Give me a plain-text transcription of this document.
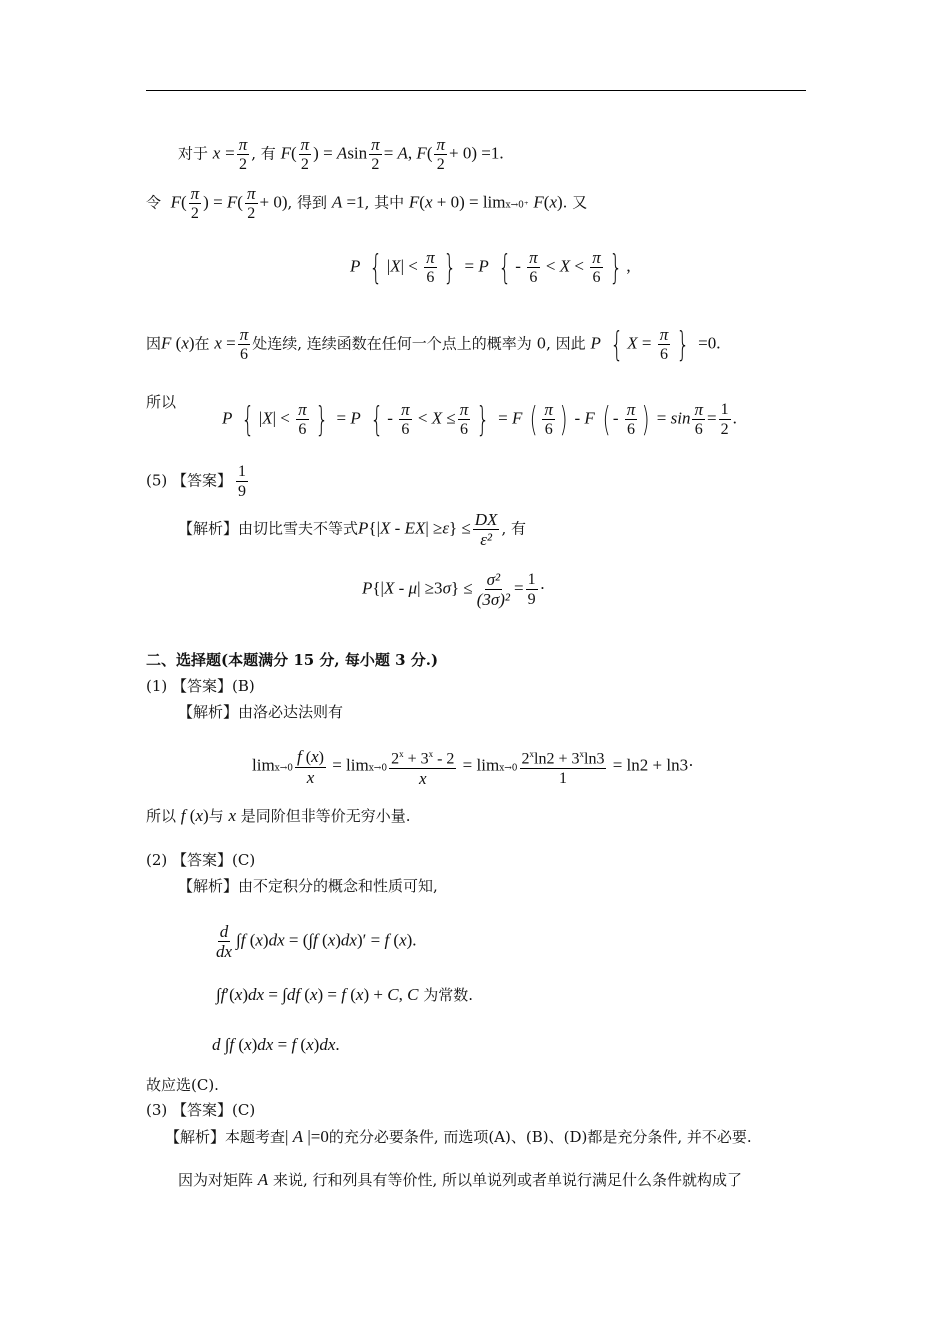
对于 $x = \frac{\pi}{2}$ , 有 $F( \frac{\pi}{2}$ ) = Asin $\frac{\pi}{2} = A$, $F( \frac{\pi}{2} + 0) =1$.
令 $F( \frac{\pi}{2}$ ) = $F( \frac{\pi}{2} + 0)$, 得到 A =1, 其中 F(x + 0) = limx→0⁺ F(x). 又
P { $|X| < \frac{\pi}{6}$ } = P { - $\frac{\pi}{6} < X < \frac{\pi}{6}$ } ,
因F (x)在 $x = \frac{\pi}{6}$ 处连续, 连续函数在任何一个点上的概率为 0, 因此 P { $X = \frac{\pi}{6}$ } =0.
所以
P { $|X| < \frac{\pi}{6}$ } = P { - $\frac{\pi}{6} < X \le \frac{\pi}{6}$ } = F ( $\frac{\pi}{6}$ ) - F ( - $\frac{\pi}{6}$ ) = $\sin \frac{\pi}{6} = \frac{1}{2}$ .
(5) 【答案】 $\frac{1}{9}$
【解析】由切比雪夫不等式$P\{|X - EX| \ge\varepsilon\} \le \frac{DX}{\text{ε²}}$ , 有
$P\{|X - \mu| \ge 3\sigma\} \le \frac{\text{σ²}}{\text{(3σ)²}} = \frac{1}{9}$ ·
二、选择题(本题满分 15 分, 每小题 3 分.)
(1) 【答案】(B)
【解析】由洛必达法则有
$\lim x\to 0 \frac{f (x)}{x} = \lim x\to 0 \frac{2^x + 3^x - 2}{x} = \lim x\to 0 \frac{2^x\ln 2 + 3^x\ln 3}{1} = \ln 2 + \ln 3\cdot$
所以 f (x)与 x 是同阶但非等价无穷小量.
(2) 【答案】(C)
【解析】由不定积分的概念和性质可知,
$\frac{d}{dx} \int f$ (x)dx = (∫f (x)dx)′ = f (x).
∫f′(x)dx = ∫df (x) = f (x) + C, C 为常数.
d ∫f (x)dx = f (x)dx.
故应选(C).
(3) 【答案】(C)
【解析】本题考查| A |=0的充分必要条件, 而选项(A)、(B)、(D)都是充分条件, 并不必要.
因为对矩阵 A 来说, 行和列具有等价性, 所以单说列或者单说行满足什么条件就构成了
